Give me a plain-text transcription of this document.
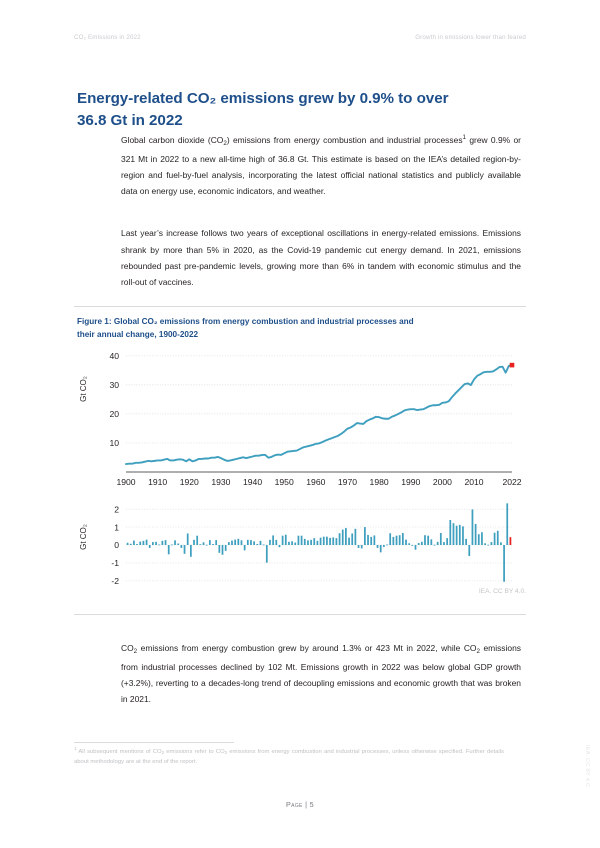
CO₂ Emissions in 2022	Growth in emissions lower than feared
Energy-related CO₂ emissions grew by 0.9% to over
36.8 Gt in 2022

Global carbon dioxide $(CO_2)$ emissions from energy combustion and industrial processes$^1$ grew 0.9% or 321 Mt in 2022 to a new all-time high of 36.8 Gt. This estimate is based on the IEA’s detailed region-by-region and fuel-by-fuel analysis, incorporating the latest official national statistics and publicly available data on energy use, economic indicators, and weather.

Last year’s increase follows two years of exceptional oscillations in energy-related emissions. Emissions shrank by more than 5% in 2020, as the Covid-19 pandemic cut energy demand. In 2021, emissions rebounded past pre-pandemic levels, growing more than 6% in tandem with economic stimulus and the roll-out of vaccines.

Figure 1: Global CO₂ emissions from energy combustion and industrial processes and
their annual change, 1900-2022
Gt CO₂
10
20
30
40
1900 1910 1920 1930 1940 1950 1960 1970 1980 1990 2000 2010 2022
Gt CO₂
-2
-1
0
1
2
IEA. CC BY 4.0.

$CO_2$ emissions from energy combustion grew by around 1.3% or 423 Mt in 2022, while $CO_2$ emissions from industrial processes declined by 102 Mt. Emissions growth in 2022 was below global GDP growth (+3.2%), reverting to a decades-long trend of decoupling emissions and economic growth that was broken in 2021.

$^1$ All subsequent mentions of $CO_2$ emissions refer to $CO_2$ emissions from energy combustion and industrial processes, unless otherwise specified. Further details about methodology are at the end of the report.
Page | 5
IEA. CC BY 4.0.
